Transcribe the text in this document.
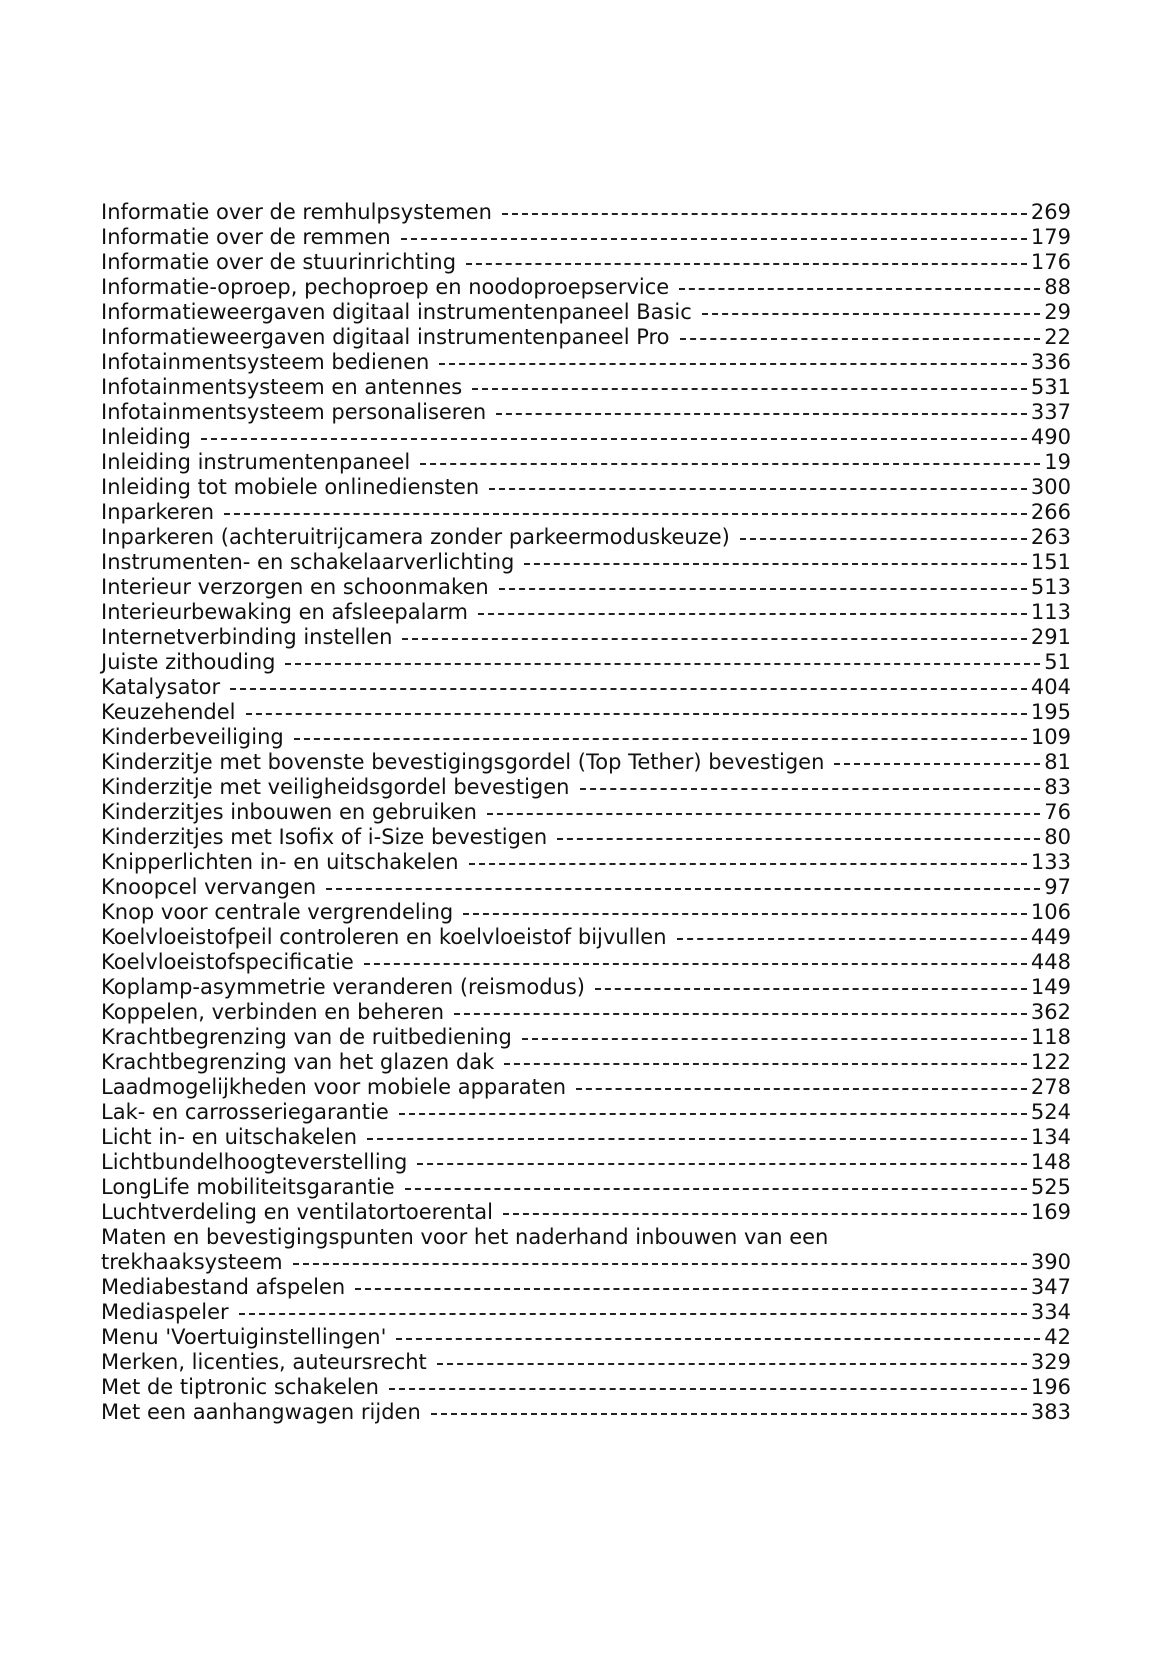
Informatie over de remhulpsystemen	269
Informatie over de remmen	179
Informatie over de stuurinrichting	176
Informatie-oproep, pechoproep en noodoproepservice	88
Informatieweergaven digitaal instrumentenpaneel Basic	29
Informatieweergaven digitaal instrumentenpaneel Pro	22
Infotainmentsysteem bedienen	336
Infotainmentsysteem en antennes	531
Infotainmentsysteem personaliseren	337
Inleiding	490
Inleiding instrumentenpaneel	19
Inleiding tot mobiele onlinediensten	300
Inparkeren	266
Inparkeren (achteruitrijcamera zonder parkeermoduskeuze)	263
Instrumenten- en schakelaarverlichting	151
Interieur verzorgen en schoonmaken	513
Interieurbewaking en afsleepalarm	113
Internetverbinding instellen	291
Juiste zithouding	51
Katalysator	404
Keuzehendel	195
Kinderbeveiliging	109
Kinderzitje met bovenste bevestigingsgordel (Top Tether) bevestigen	81
Kinderzitje met veiligheidsgordel bevestigen	83
Kinderzitjes inbouwen en gebruiken	76
Kinderzitjes met Isofix of i-Size bevestigen	80
Knipperlichten in- en uitschakelen	133
Knoopcel vervangen	97
Knop voor centrale vergrendeling	106
Koelvloeistofpeil controleren en koelvloeistof bijvullen	449
Koelvloeistofspecificatie	448
Koplamp-asymmetrie veranderen (reismodus)	149
Koppelen, verbinden en beheren	362
Krachtbegrenzing van de ruitbediening	118
Krachtbegrenzing van het glazen dak	122
Laadmogelijkheden voor mobiele apparaten	278
Lak- en carrosseriegarantie	524
Licht in- en uitschakelen	134
Lichtbundelhoogteverstelling	148
LongLife mobiliteitsgarantie	525
Luchtverdeling en ventilatortoerental	169
Maten en bevestigingspunten voor het naderhand inbouwen van een
trekhaaksysteem	390
Mediabestand afspelen	347
Mediaspeler	334
Menu 'Voertuiginstellingen'	42
Merken, licenties, auteursrecht	329
Met de tiptronic schakelen	196
Met een aanhangwagen rijden	383
